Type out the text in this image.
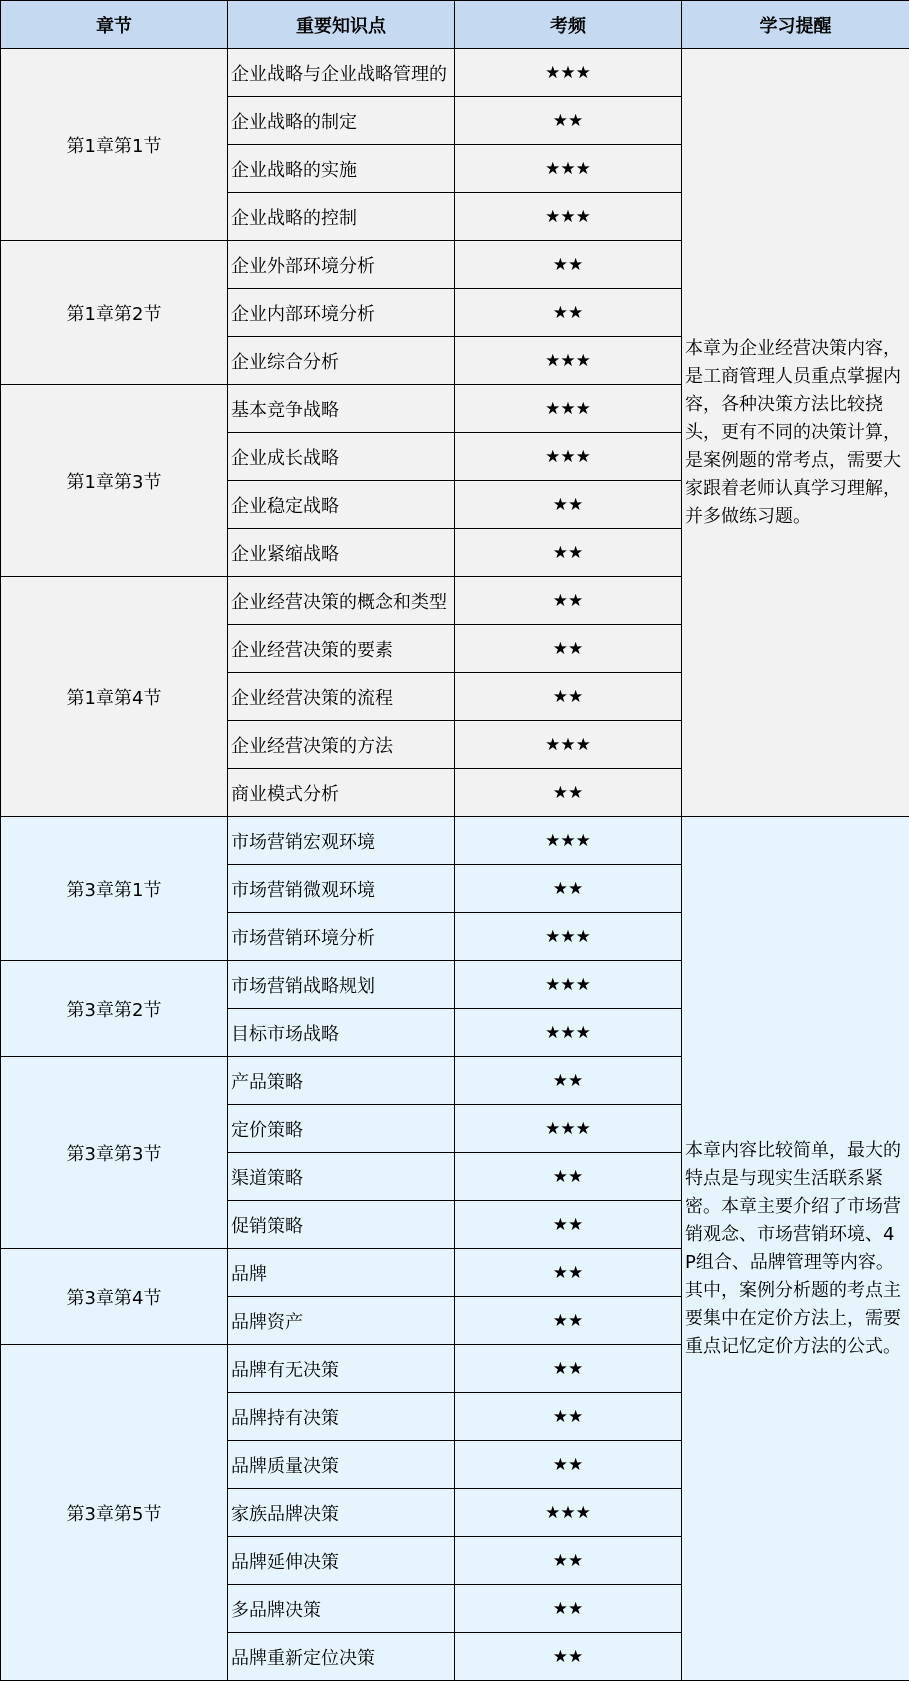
章节	重要知识点	考频	学习提醒
第1章第1节	企业战略与企业战略管理的	★★★	本章为企业经营决策内容，是工商管理人员重点掌握内容，各种决策方法比较挠头，更有不同的决策计算，是案例题的常考点，需要大家跟着老师认真学习理解，并多做练习题。
	企业战略的制定	★★	
	企业战略的实施	★★★	
	企业战略的控制	★★★	
第1章第2节	企业外部环境分析	★★	
	企业内部环境分析	★★	
	企业综合分析	★★★	
第1章第3节	基本竞争战略	★★★	
	企业成长战略	★★★	
	企业稳定战略	★★	
	企业紧缩战略	★★	
第1章第4节	企业经营决策的概念和类型	★★	
	企业经营决策的要素	★★	
	企业经营决策的流程	★★	
	企业经营决策的方法	★★★	
	商业模式分析	★★	
第3章第1节	市场营销宏观环境	★★★	本章内容比较简单，最大的特点是与现实生活联系紧密。本章主要介绍了市场营销观念、市场营销环境、4P组合、品牌管理等内容。其中，案例分析题的考点主要集中在定价方法上，需要重点记忆定价方法的公式。
	市场营销微观环境	★★	
	市场营销环境分析	★★★	
第3章第2节	市场营销战略规划	★★★	
	目标市场战略	★★★	
第3章第3节	产品策略	★★	
	定价策略	★★★	
	渠道策略	★★	
	促销策略	★★	
第3章第4节	品牌	★★	
	品牌资产	★★	
第3章第5节	品牌有无决策	★★	
	品牌持有决策	★★	
	品牌质量决策	★★	
	家族品牌决策	★★★	
	品牌延伸决策	★★	
	多品牌决策	★★	
	品牌重新定位决策	★★	
